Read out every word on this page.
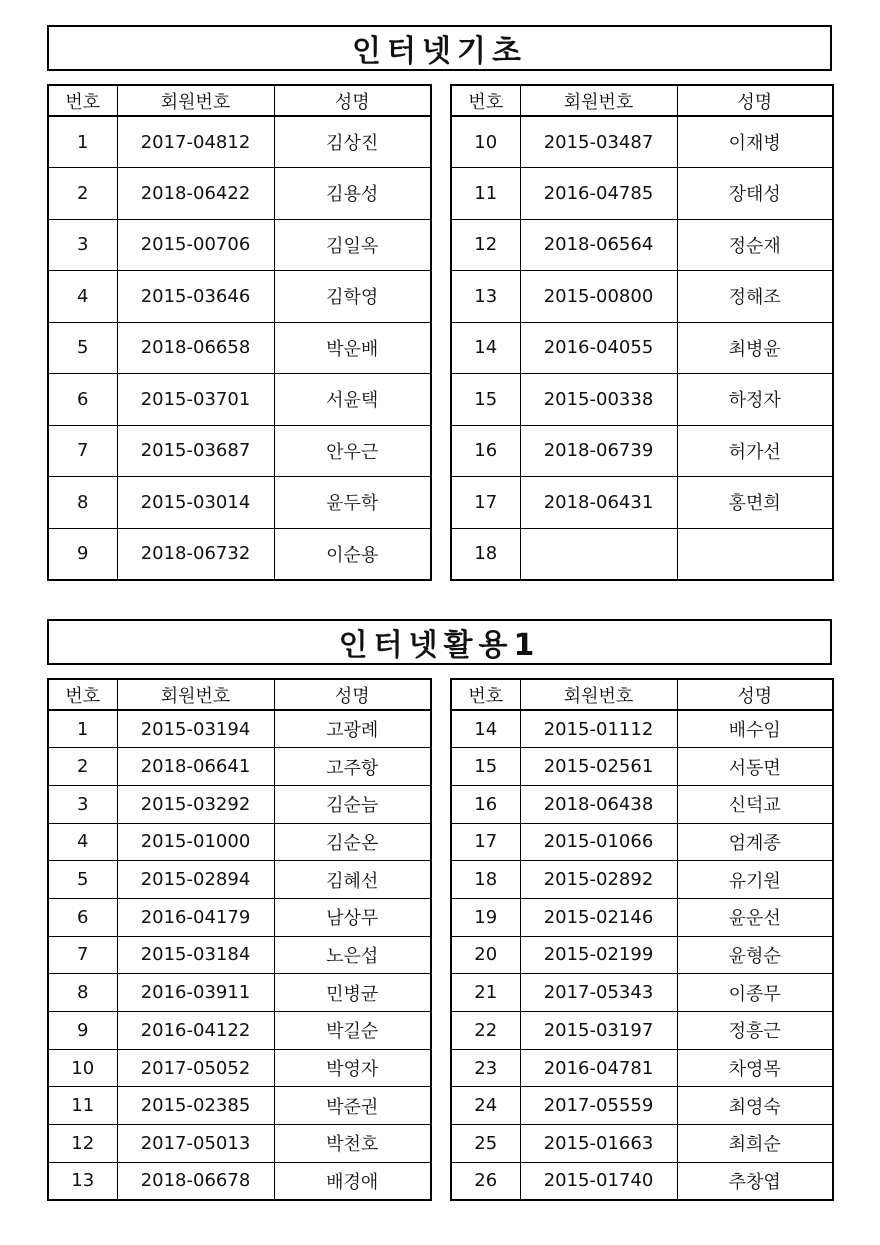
인터넷기초
번호	회원번호	성명
1	2017-04812	김상진
2	2018-06422	김용성
3	2015-00706	김일옥
4	2015-03646	김학영
5	2018-06658	박운배
6	2015-03701	서윤택
7	2015-03687	안우근
8	2015-03014	윤두학
9	2018-06732	이순용
번호	회원번호	성명
10	2015-03487	이재병
11	2016-04785	장태성
12	2018-06564	정순재
13	2015-00800	정해조
14	2016-04055	최병윤
15	2015-00338	하정자
16	2018-06739	허가선
17	2018-06431	홍면희
18		
인터넷활용1
번호	회원번호	성명
1	2015-03194	고광례
2	2018-06641	고주항
3	2015-03292	김순늠
4	2015-01000	김순온
5	2015-02894	김혜선
6	2016-04179	남상무
7	2015-03184	노은섭
8	2016-03911	민병균
9	2016-04122	박길순
10	2017-05052	박영자
11	2015-02385	박준권
12	2017-05013	박천호
13	2018-06678	배경애
번호	회원번호	성명
14	2015-01112	배수임
15	2015-02561	서동면
16	2018-06438	신덕교
17	2015-01066	엄계종
18	2015-02892	유기원
19	2015-02146	윤운선
20	2015-02199	윤형순
21	2017-05343	이종무
22	2015-03197	정흥근
23	2016-04781	차영목
24	2017-05559	최영숙
25	2015-01663	최희순
26	2015-01740	추창엽
